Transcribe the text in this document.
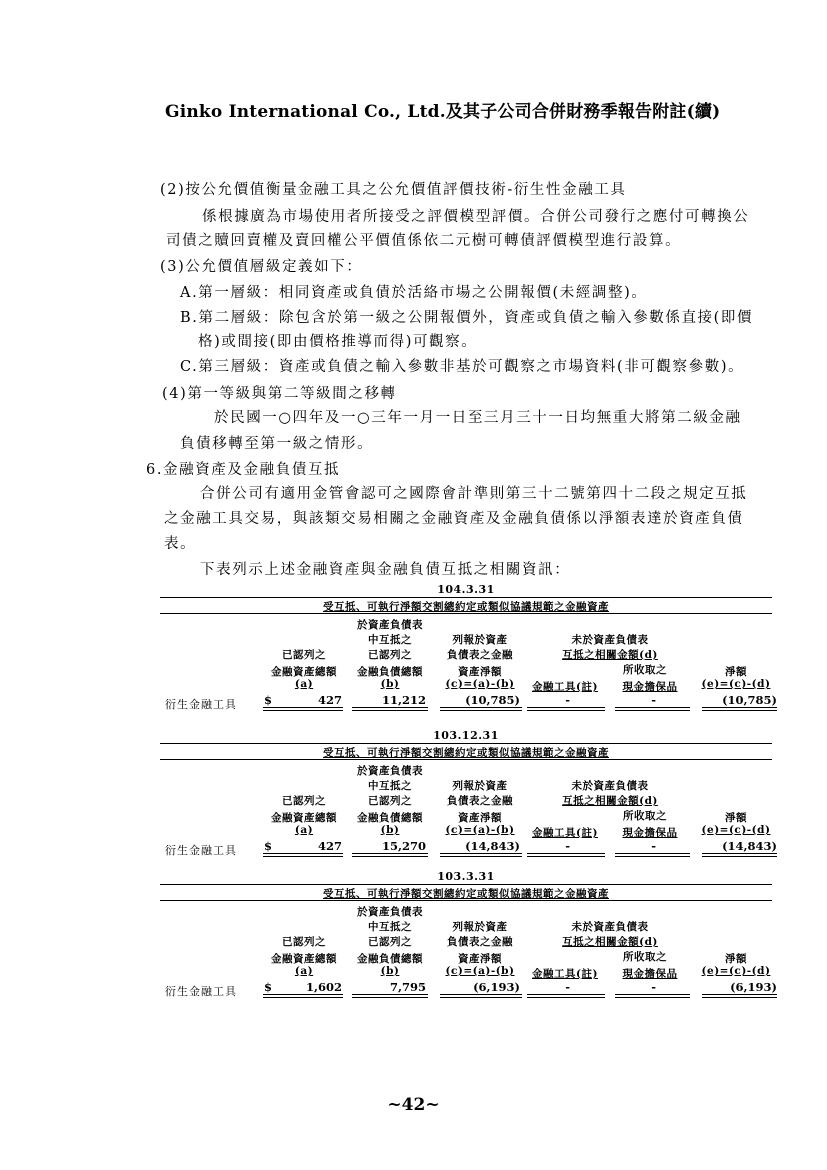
Ginko International Co., Ltd.及其子公司合併財務季報告附註(續)
(2)按公允價值衡量金融工具之公允價值評價技術-衍生性金融工具
係根據廣為市場使用者所接受之評價模型評價。合併公司發行之應付可轉換公
司債之贖回賣權及賣回權公平價值係依二元樹可轉債評價模型進行設算。
(3)公允價值層級定義如下：
A.第一層級：相同資產或負債於活絡市場之公開報價(未經調整)。
B.第二層級：除包含於第一級之公開報價外，資產或負債之輸入參數係直接(即價
格)或間接(即由價格推導而得)可觀察。
C.第三層級：資產或負債之輸入參數非基於可觀察之市場資料(非可觀察參數)。
(4)第一等級與第二等級間之移轉
於民國一○四年及一○三年一月一日至三月三十一日均無重大將第二級金融
負債移轉至第一級之情形。
6.金融資產及金融負債互抵
合併公司有適用金管會認可之國際會計準則第三十二號第四十二段之規定互抵
之金融工具交易，與該類交易相關之金融資產及金融負債係以淨額表達於資產負債
表。
下表列示上述金融資產與金融負債互抵之相關資訊：
104.3.31
受互抵、可執行淨額交割總約定或類似協議規範之金融資產
於資產負債表
中互抵之	列報於資產	未於資產負債表
已認列之	已認列之	負債表之金融	互抵之相關金額(d)
所收取之
金融資產總額	金融負債總額	資產淨額	淨額
(a)	(b)	(c)=(a)-(b)	金融工具(註)	現金擔保品	(e)=(c)-(d)
衍生金融工具 $	427	11,212	(10,785)	-	-	(10,785)
103.12.31
受互抵、可執行淨額交割總約定或類似協議規範之金融資產
於資產負債表
中互抵之	列報於資產	未於資產負債表
已認列之	已認列之	負債表之金融	互抵之相關金額(d)
所收取之
金融資產總額	金融負債總額	資產淨額	淨額
(a)	(b)	(c)=(a)-(b)	金融工具(註)	現金擔保品	(e)=(c)-(d)
衍生金融工具 $	427	15,270	(14,843)	-	-	(14,843)
103.3.31
受互抵、可執行淨額交割總約定或類似協議規範之金融資產
於資產負債表
中互抵之	列報於資產	未於資產負債表
已認列之	已認列之	負債表之金融	互抵之相關金額(d)
所收取之
金融資產總額	金融負債總額	資產淨額	淨額
(a)	(b)	(c)=(a)-(b)	金融工具(註)	現金擔保品	(e)=(c)-(d)
衍生金融工具 $	1,602	7,795	(6,193)	-	-	(6,193)
~42~
